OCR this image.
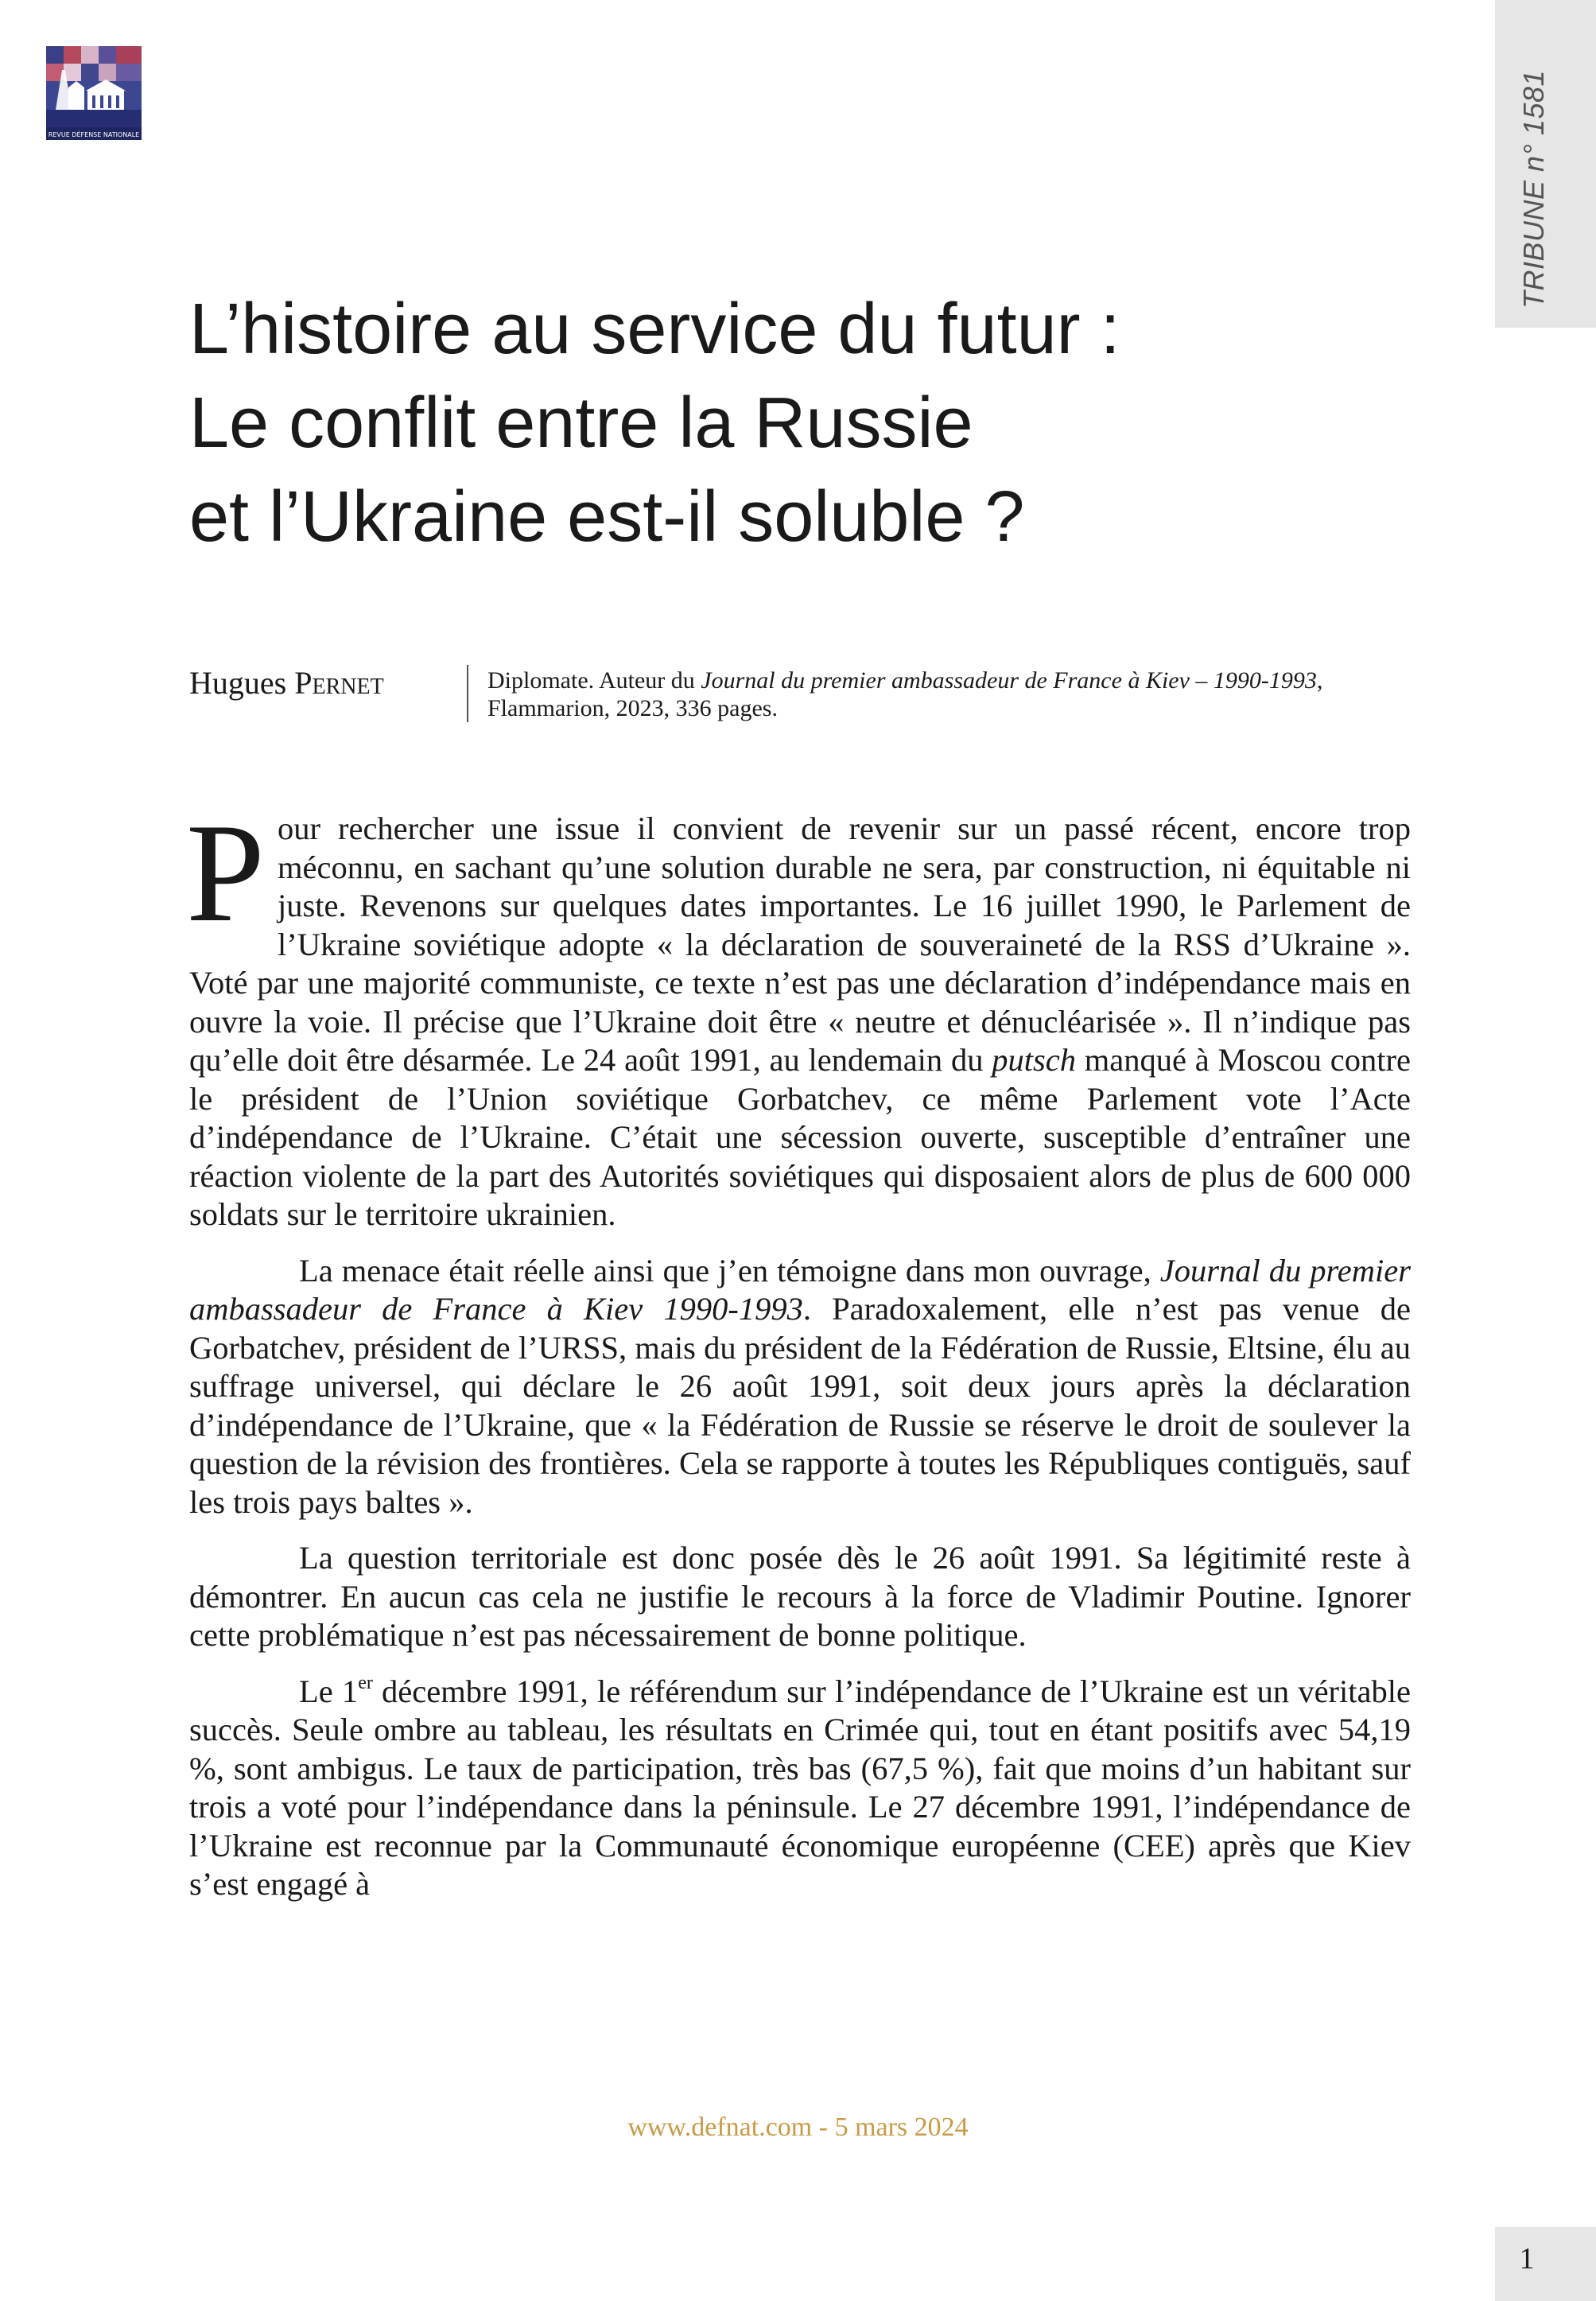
REVUE DÉFENSE NATIONALE	TRIBUNE n° 1581
L’histoire au service du futur :
Le conflit entre la Russie
et l’Ukraine est-il soluble ?
Hugues Pernet	Diplomate. Auteur du Journal du premier ambassadeur de France à Kiev – 1990-1993, Flammarion, 2023, 336 pages.

Pour rechercher une issue il convient de revenir sur un passé récent, encore trop méconnu, en sachant qu’une solution durable ne sera, par construction, ni équitable ni juste. Revenons sur quelques dates importantes. Le 16 juillet 1990, le Parlement de l’Ukraine soviétique adopte « la déclaration de souveraineté de la RSS d’Ukraine ». Voté par une majorité communiste, ce texte n’est pas une déclaration d’indépendance mais en ouvre la voie. Il précise que l’Ukraine doit être « neutre et dénucléarisée ». Il n’indique pas qu’elle doit être désarmée. Le 24 août 1991, au lendemain du putsch manqué à Moscou contre le président de l’Union soviétique Gorbatchev, ce même Parlement vote l’Acte d’indépendance de l’Ukraine. C’était une sécession ouverte, susceptible d’entraîner une réaction violente de la part des Autorités soviétiques qui disposaient alors de plus de 600 000 soldats sur le territoire ukrainien.

La menace était réelle ainsi que j’en témoigne dans mon ouvrage, Journal du premier ambassadeur de France à Kiev 1990-1993. Paradoxalement, elle n’est pas venue de Gorbatchev, président de l’URSS, mais du président de la Fédération de Russie, Eltsine, élu au suffrage universel, qui déclare le 26 août 1991, soit deux jours après la déclaration d’indépendance de l’Ukraine, que « la Fédération de Russie se réserve le droit de soulever la question de la révision des frontières. Cela se rapporte à toutes les Républiques contiguës, sauf les trois pays baltes ».

La question territoriale est donc posée dès le 26 août 1991. Sa légitimité reste à démontrer. En aucun cas cela ne justifie le recours à la force de Vladimir Poutine. Ignorer cette problématique n’est pas nécessairement de bonne politique.

Le 1er décembre 1991, le référendum sur l’indépendance de l’Ukraine est un véritable succès. Seule ombre au tableau, les résultats en Crimée qui, tout en étant positifs avec 54,19 %, sont ambigus. Le taux de participation, très bas (67,5 %), fait que moins d’un habitant sur trois a voté pour l’indépendance dans la péninsule. Le 27 décembre 1991, l’indépendance de l’Ukraine est reconnue par la Communauté économique européenne (CEE) après que Kiev s’est engagé à

www.defnat.com - 5 mars 2024
1
